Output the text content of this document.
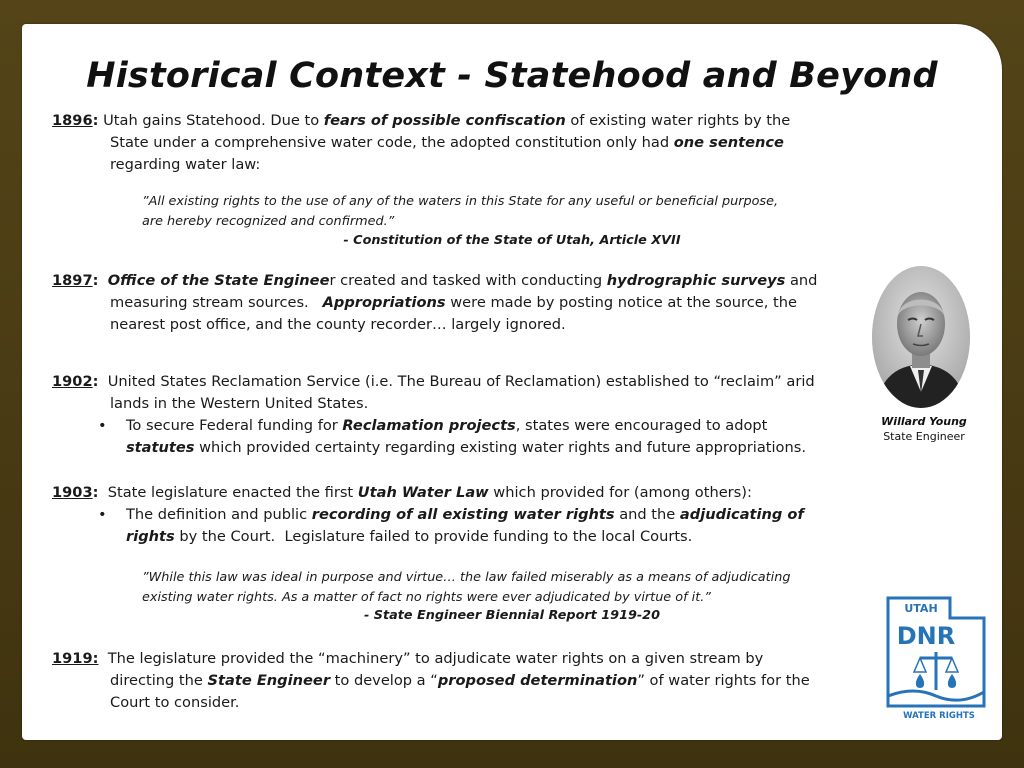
Historical Context - Statehood and Beyond
1896: Utah gains Statehood. Due to fears of possible confiscation of existing water rights by the
State under a comprehensive water code, the adopted constitution only had one sentence
regarding water law:
”All existing rights to the use of any of the waters in this State for any useful or beneficial purpose,
are hereby recognized and confirmed.”
- Constitution of the State of Utah, Article XVII
1897: Office of the State Engineer created and tasked with conducting hydrographic surveys and
measuring stream sources.   Appropriations were made by posting notice at the source, the
nearest post office, and the county recorder… largely ignored.
1902:  United States Reclamation Service (i.e. The Bureau of Reclamation) established to “reclaim” arid
lands in the Western United States.
• To secure Federal funding for Reclamation projects, states were encouraged to adopt
statutes which provided certainty regarding existing water rights and future appropriations.
1903:  State legislature enacted the first Utah Water Law which provided for (among others):
• The definition and public recording of all existing water rights and the adjudicating of
rights by the Court.  Legislature failed to provide funding to the local Courts.
”While this law was ideal in purpose and virtue… the law failed miserably as a means of adjudicating
existing water rights. As a matter of fact no rights were ever adjudicated by virtue of it.”
- State Engineer Biennial Report 1919-20
1919:  The legislature provided the “machinery” to adjudicate water rights on a given stream by
directing the State Engineer to develop a “proposed determination” of water rights for the
Court to consider.
Willard Young
State Engineer
UTAH
DNR
WATER RIGHTS
